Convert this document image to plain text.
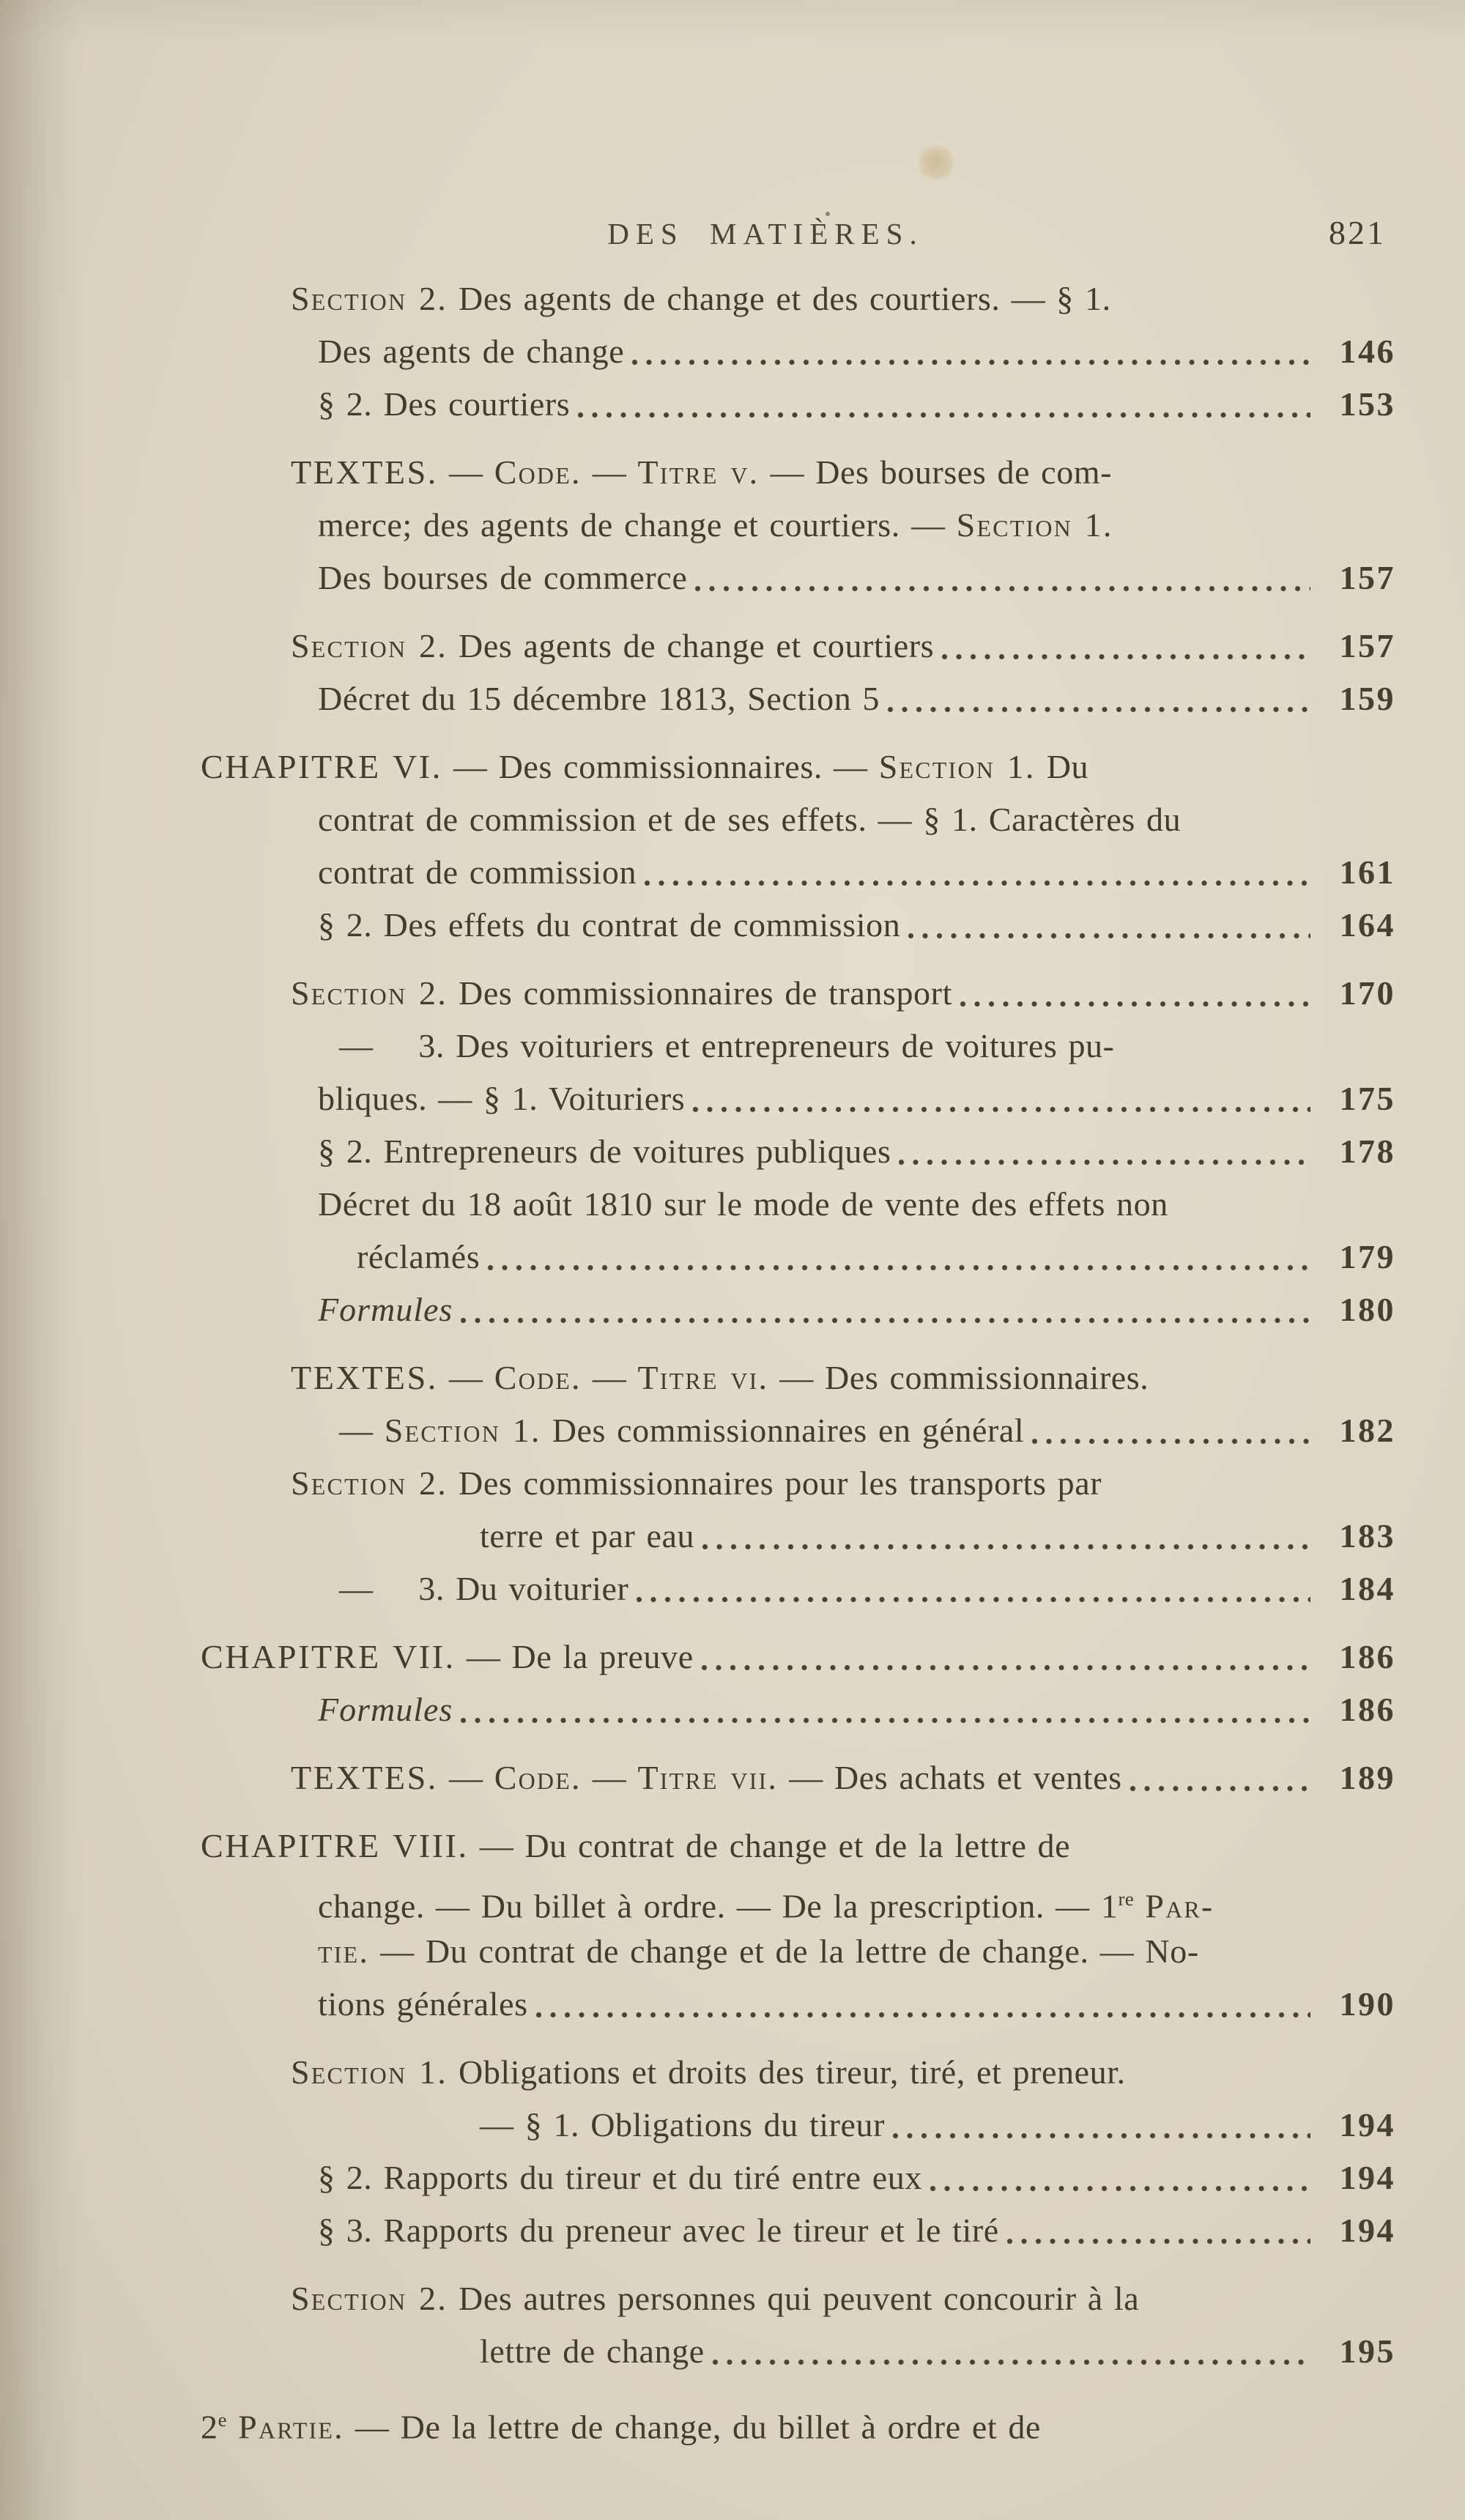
DES MATIÈRES.	821
Section 2. Des agents de change et des courtiers. — § 1.
Des agents de change	146
§ 2. Des courtiers	153
TEXTES. — Code. — Titre v. — Des bourses de com-
merce; des agents de change et courtiers. — Section 1.
Des bourses de commerce	157
Section 2. Des agents de change et courtiers	157
Décret du 15 décembre 1813, Section 5	159
CHAPITRE VI. — Des commissionnaires. — Section 1. Du
contrat de commission et de ses effets. — § 1. Caractères du
contrat de commission	161
§ 2. Des effets du contrat de commission	164
Section 2. Des commissionnaires de transport	170
—  3. Des voituriers et entrepreneurs de voitures pu-
bliques. — § 1. Voituriers	175
§ 2. Entrepreneurs de voitures publiques	178
Décret du 18 août 1810 sur le mode de vente des effets non
réclamés	179
Formules	180
TEXTES. — Code. — Titre vi. — Des commissionnaires.
— Section 1. Des commissionnaires en général	182
Section 2. Des commissionnaires pour les transports par
terre et par eau	183
—  3. Du voiturier	184
CHAPITRE VII. — De la preuve	186
Formules	186
TEXTES. — Code. — Titre vii. — Des achats et ventes	189
CHAPITRE VIII. — Du contrat de change et de la lettre de
change. — Du billet à ordre. — De la prescription. — 1re Par-
tie. — Du contrat de change et de la lettre de change. — No-
tions générales	190
Section 1. Obligations et droits des tireur, tiré, et preneur.
— § 1. Obligations du tireur	194
§ 2. Rapports du tireur et du tiré entre eux	194
§ 3. Rapports du preneur avec le tireur et le tiré	194
Section 2. Des autres personnes qui peuvent concourir à la
lettre de change	195
2e Partie. — De la lettre de change, du billet à ordre et de
